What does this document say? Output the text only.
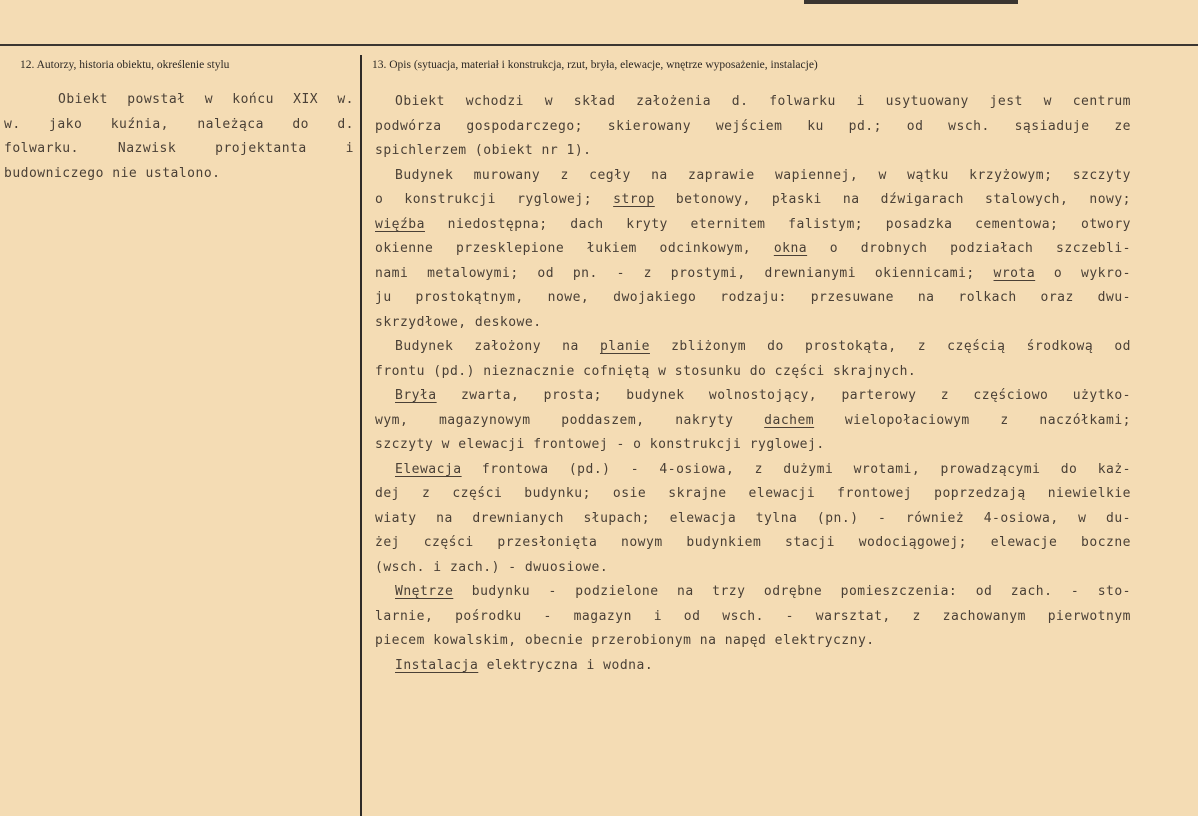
12. Autorzy, historia obiektu, określenie stylu	13. Opis (sytuacja, materiał i konstrukcja, rzut, bryła, elewacje, wnętrze wyposażenie, instalacje)
Obiekt powstał w końcu XIX w.
w. jako kuźnia, należąca do d.
folwarku. Nazwisk projektanta i
budowniczego nie ustalono.
Obiekt wchodzi w skład założenia d. folwarku i usytuowany jest w centrum
podwórza gospodarczego; skierowany wejściem ku pd.; od wsch. sąsiaduje ze
spichlerzem (obiekt nr 1).
Budynek murowany z cegły na zaprawie wapiennej, w wątku krzyżowym; szczyty
o konstrukcji ryglowej; strop betonowy, płaski na dźwigarach stalowych, nowy;
więźba niedostępna; dach kryty eternitem falistym; posadzka cementowa; otwory
okienne przesklepione łukiem odcinkowym, okna o drobnych podziałach szczebli-
nami metalowymi; od pn. - z prostymi, drewnianymi okiennicami; wrota o wykro-
ju prostokątnym, nowe, dwojakiego rodzaju: przesuwane na rolkach oraz dwu-
skrzydłowe, deskowe.
Budynek założony na planie zbliżonym do prostokąta, z częścią środkową od
frontu (pd.) nieznacznie cofniętą w stosunku do części skrajnych.
Bryła zwarta, prosta; budynek wolnostojący, parterowy z częściowo użytko-
wym, magazynowym poddaszem, nakryty dachem wielopołaciowym z naczółkami;
szczyty w elewacji frontowej - o konstrukcji ryglowej.
Elewacja frontowa (pd.) - 4-osiowa, z dużymi wrotami, prowadzącymi do każ-
dej z części budynku; osie skrajne elewacji frontowej poprzedzają niewielkie
wiaty na drewnianych słupach; elewacja tylna (pn.) - również 4-osiowa, w du-
żej części przesłonięta nowym budynkiem stacji wodociągowej; elewacje boczne
(wsch. i zach.) - dwuosiowe.
Wnętrze budynku - podzielone na trzy odrębne pomieszczenia: od zach. - sto-
larnie, pośrodku - magazyn i od wsch. - warsztat, z zachowanym pierwotnym
piecem kowalskim, obecnie przerobionym na napęd elektryczny.
Instalacja elektryczna i wodna.
